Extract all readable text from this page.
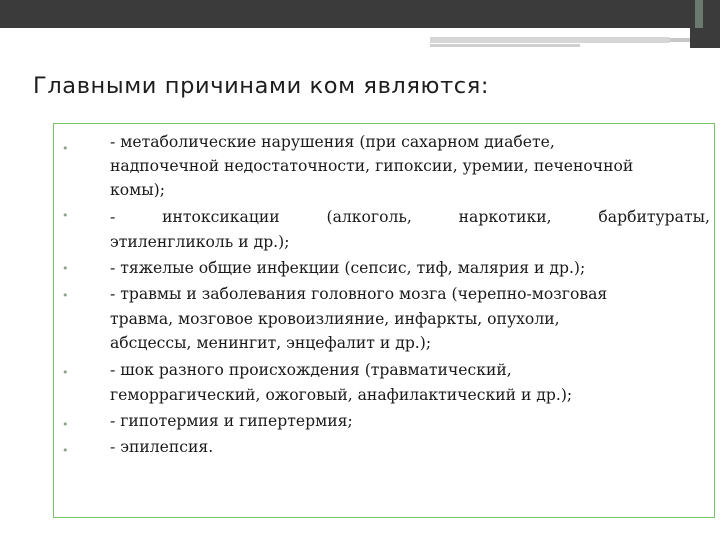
Главными причинами ком являются:
•	- метаболические нарушения (при сахарном диабете,
надпочечной недостаточности, гипоксии, уремии, печеночной
комы);
•	-	интоксикации	(алкоголь,	наркотики,	барбитураты,
этиленгликоль и др.);
•	- тяжелые общие инфекции (сепсис, тиф, малярия и др.);
•	- травмы и заболевания головного мозга (черепно-мозговая
травма, мозговое кровоизлияние, инфаркты, опухоли,
абсцессы, менингит, энцефалит и др.);
•	- шок разного происхождения (травматический,
геморрагический, ожоговый, анафилактический и др.);
•	- гипотермия и гипертермия;
•	- эпилепсия.
